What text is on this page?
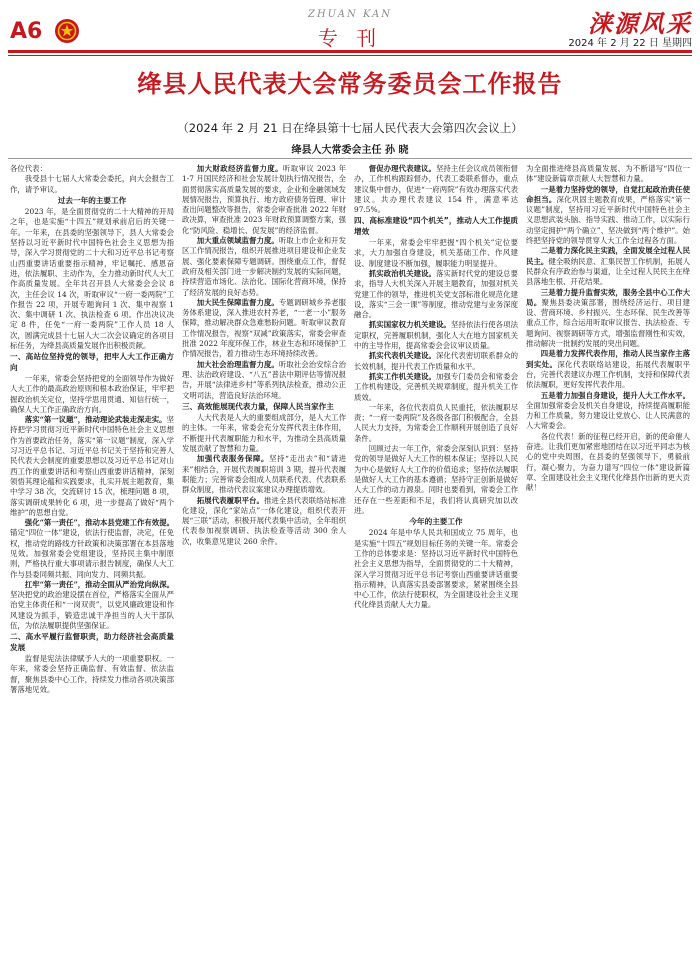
A6
ZHUAN KAN
专 刊	涞源风采
2024 年 2 月 22 日 星期四
绛县人民代表大会常务委员会工作报告
（2024 年 2 月 21 日在绛县第十七届人民代表大会第四次会议上）
绛县人大常委会主任 孙 晓

各位代表：

我受县十七届人大常委会委托，向大会报告工作，请予审议。

过去一年的主要工作

2023 年，是全面贯彻党的二十大精神的开局之年，也是实施“十四五”规划承前启后的关键一年。一年来，在县委的坚强领导下，县人大常委会坚持以习近平新时代中国特色社会主义思想为指导，深入学习贯彻党的二十大和习近平总书记考察山西重要讲话重要指示精神，牢记嘱托、感恩奋进，依法履职、主动作为，全力推动新时代人大工作高质量发展。全年共召开县人大常委会会议 8 次，主任会议 14 次，听取审议“一府一委两院”工作报告 22 项，开展专题询问 1 次、集中视察 1 次、集中调研 1 次、执法检查 6 项。作出决议决定 8 件，任免“一府一委两院”工作人员 18 人次，圆满完成县十七届人大二次会议确定的各项目标任务，为绛县高质量发展作出积极贡献。

一、高站位坚持党的领导，把牢人大工作正确方向

一年来，常委会坚持把党的全面领导作为做好人大工作的最高政治原则和根本政治保证，牢牢把握政治机关定位，坚持学思用贯通、知信行统一，确保人大工作正确政治方向。

落实“第一议题”，推动理论武装走深走实。坚持把学习贯彻习近平新时代中国特色社会主义思想作为首要政治任务，落实“第一议题”制度，深入学习习近平总书记、习近平总书记关于坚持和完善人民代表大会制度的重要思想以及习近平总书记对山西工作的重要讲话和考察山西重要讲话精神，深刻领悟其理论蕴和实践要求，扎实开展主题教育，集中学习 38 次，交流研讨 15 次，梳理问题 8 项，落实调研成果转化 6 项，进一步提高了做好“两个维护”的思想自觉。

强化“第一责任”，推动本县党建工作有效提。锚定“四位一体”建设，依法行使监督，决定，任免权，推动党的路线方针政策和决策部署在本县落地见效。加强常委会党组建设，坚持民主集中制原则，严格执行重大事项请示报告制度，确保人大工作与县委同频共振、同向发力、同频共振。

扛牢“第一责任”，推动全面从严治党向纵深。坚决把党的政治建设摆在首位，严格落实全面从严治党主体责任和“一岗双责”，以党风廉政建设和作风建设为抓手，锻造忠诚干净担当的人大干部队伍，为依法履职提供坚强保证。

二、高水平履行监督职责，助力经济社会高质量发展

监督是宪法法律赋予人大的一项重要职权。一年来，常委会坚持正确监督、有效监督、依法监督，聚焦县委中心工作，持续发力推动各项决策部署落地见效。

加大财政经济监督力度。听取审议 2023 年 1-7 月国民经济和社会发展计划执行情况报告，全面贯彻落实高质量发展的要求，企业和金融领域发展情况报告，预算执行、地方政府债务管理、审计查出问题整改等报告，常委会审查批准 2022 年财政决算，审查批准 2023 年财政预算调整方案，强化“防风险、稳增长、促发展”的经济监督。

加大重点领域监督力度。听取上市企业和开发区工作情况报告，组织开展推进项目建设和企业发展、强化要素保障专题调研。围绕重点工作，督促政府及相关部门进一步解决制约发展的实际问题，持续营造市场化、法治化、国际化营商环境，保持了经济发展的良好态势。

加大民生保障监督力度。专题调研城乡养老服务体系建设，深入推进农村养老，“一老一小”服务保障，推动解决群众急难愁盼问题。听取审议教育工作情况报告，视察“双减”政策落实，常委会审查批准 2022 年度环保工作，林业生态和环境保护工作情况报告，着力推动生态环境持续改善。

加大社会治理监督力度。听取社会治安综合治理、法治政府建设、“八五”普法中期评估等情况报告，开展“法律进乡村”等系列执法检查，推动公正文明司法，营造良好法治环境。

三、高效能展现代表力量，保障人民当家作主

人大代表是人大的重要组成部分，是人大工作的主体。一年来，常委会充分发挥代表主体作用，不断提升代表履职能力和水平，为推动全县高质量发展贡献了智慧和力量。

加强代表服务保障。坚持“走出去”和“请进来”相结合，开展代表履职培训 3 期，提升代表履职能力；完善常委会组成人员联系代表、代表联系群众制度，推动代表议案建议办理提质增效。

拓展代表履职平台。推进全县代表联络站标准化建设，深化“家站点”一体化建设，组织代表开展“三联”活动，积极开展代表集中活动，全年组织代表参加视察调研、执法检查等活动 300 余人次，收集意见建议 260 余件。

督促办理代表建议。坚持主任会议成员领衔督办，工作机构跟踪督办，代表工委联系督办，重点建议集中督办，促进“一府两院”有效办理落实代表建议。共办理代表建议 154 件，满意率达 97.5%。

四、高标准建设“四个机关”，推动人大工作提质增效

一年来，常委会牢牢把握“四个机关”定位要求，大力加强自身建设，机关基础工作、作风建设、制度建设不断加强，履职能力明显提升。

抓实政治机关建设。落实新时代党的建设总要求，指导人大机关深入开展主题教育，加强对机关党建工作的领导，推进机关党支部标准化规范化建设，落实“三会一课”等制度，推动党建与业务深度融合。

抓实国家权力机关建设。坚持依法行使各项法定职权，完善履职机制，强化人大在地方国家机关中的主导作用，提高常委会会议审议质量。

抓实代表机关建设。深化代表密切联系群众的长效机制，提升代表工作质量和水平。

抓实工作机关建设。加强专门委员会和常委会工作机构建设，完善机关规章制度，提升机关工作质效。

一年来，各位代表肩负人民重托，依法履职尽责；“一府一委两院”及各级各部门积极配合，全县人民大力支持，为常委会工作顺利开展创造了良好条件。

回顾过去一年工作，常委会深刻认识到：坚持党的领导是做好人大工作的根本保证；坚持以人民为中心是做好人大工作的价值追求；坚持依法履职是做好人大工作的基本遵循；坚持守正创新是做好人大工作的动力源泉。同时也要看到，常委会工作还存在一些差距和不足，我们将认真研究加以改进。

今年的主要工作

2024 年是中华人民共和国成立 75 周年，也是实施“十四五”规划目标任务的关键一年。常委会工作的总体要求是：坚持以习近平新时代中国特色社会主义思想为指导，全面贯彻党的二十大精神，深入学习贯彻习近平总书记考察山西重要讲话重要指示精神，认真落实县委部署要求，紧紧围绕全县中心工作，依法行使职权，为全面建设社会主义现代化绛县贡献人大力量。

为全面推进绛县高质量发展、为不断谱写“四位一体”建设新篇章贡献人大智慧和力量。

一是着力坚持党的领导，自觉扛起政治责任使命担当。深化巩固主题教育成果，严格落实“第一议题”制度，坚持用习近平新时代中国特色社会主义思想武装头脑、指导实践、推动工作，以实际行动坚定拥护“两个确立”、坚决做到“两个维护”。始终把坚持党的领导贯穿人大工作全过程各方面。

二是着力深化民主实践，全面发展全过程人民民主。健全吸纳民意、汇集民智工作机制，拓展人民群众有序政治参与渠道，让全过程人民民主在绛县落地生根、开花结果。

三是着力提升监督实效，服务全县中心工作大局。聚焦县委决策部署，围绕经济运行、项目建设、营商环境、乡村振兴、生态环保、民生改善等重点工作，综合运用听取审议报告、执法检查、专题询问、视察调研等方式，增强监督刚性和实效，推动解决一批制约发展的突出问题。

四是着力发挥代表作用，推动人民当家作主落到实处。深化代表联络站建设，拓展代表履职平台，完善代表建议办理工作机制，支持和保障代表依法履职，更好发挥代表作用。

五是着力加强自身建设，提升人大工作水平。全面加强常委会及机关自身建设，持续提高履职能力和工作质量，努力建设让党放心、让人民满意的人大常委会。

各位代表！新的征程已经开启，新的使命催人奋进。让我们更加紧密地团结在以习近平同志为核心的党中央周围，在县委的坚强领导下，勇毅前行，凝心聚力，为奋力谱写“四位一体”建设新篇章、全面建设社会主义现代化绛县作出新的更大贡献！
